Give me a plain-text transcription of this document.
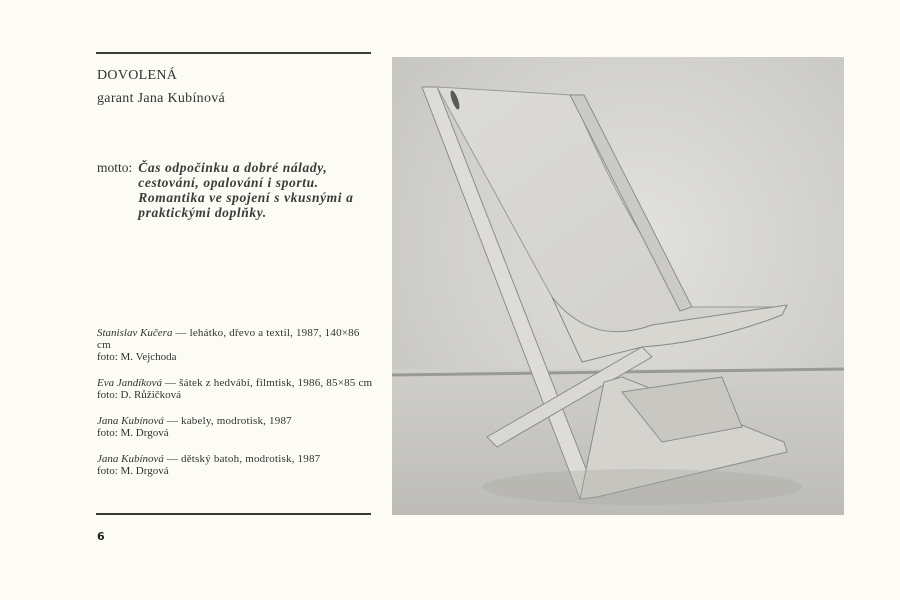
DOVOLENÁ
garant Jana Kubínová
motto: Čas odpočinku a dobré nálady, cestování, opalování i sportu. Romantika ve spojení s vkusnými a praktickými doplňky.
Stanislav Kučera — lehátko, dřevo a textil, 1987, 140×86 cm
foto: M. Vejchoda
Eva Jandíková — šátek z hedvábí, filmtisk, 1986, 85×85 cm
foto: D. Růžičková
Jana Kubínová — kabely, modrotisk, 1987
foto: M. Drgová
Jana Kubínová — dětský batoh, modrotisk, 1987
foto: M. Drgová
6
